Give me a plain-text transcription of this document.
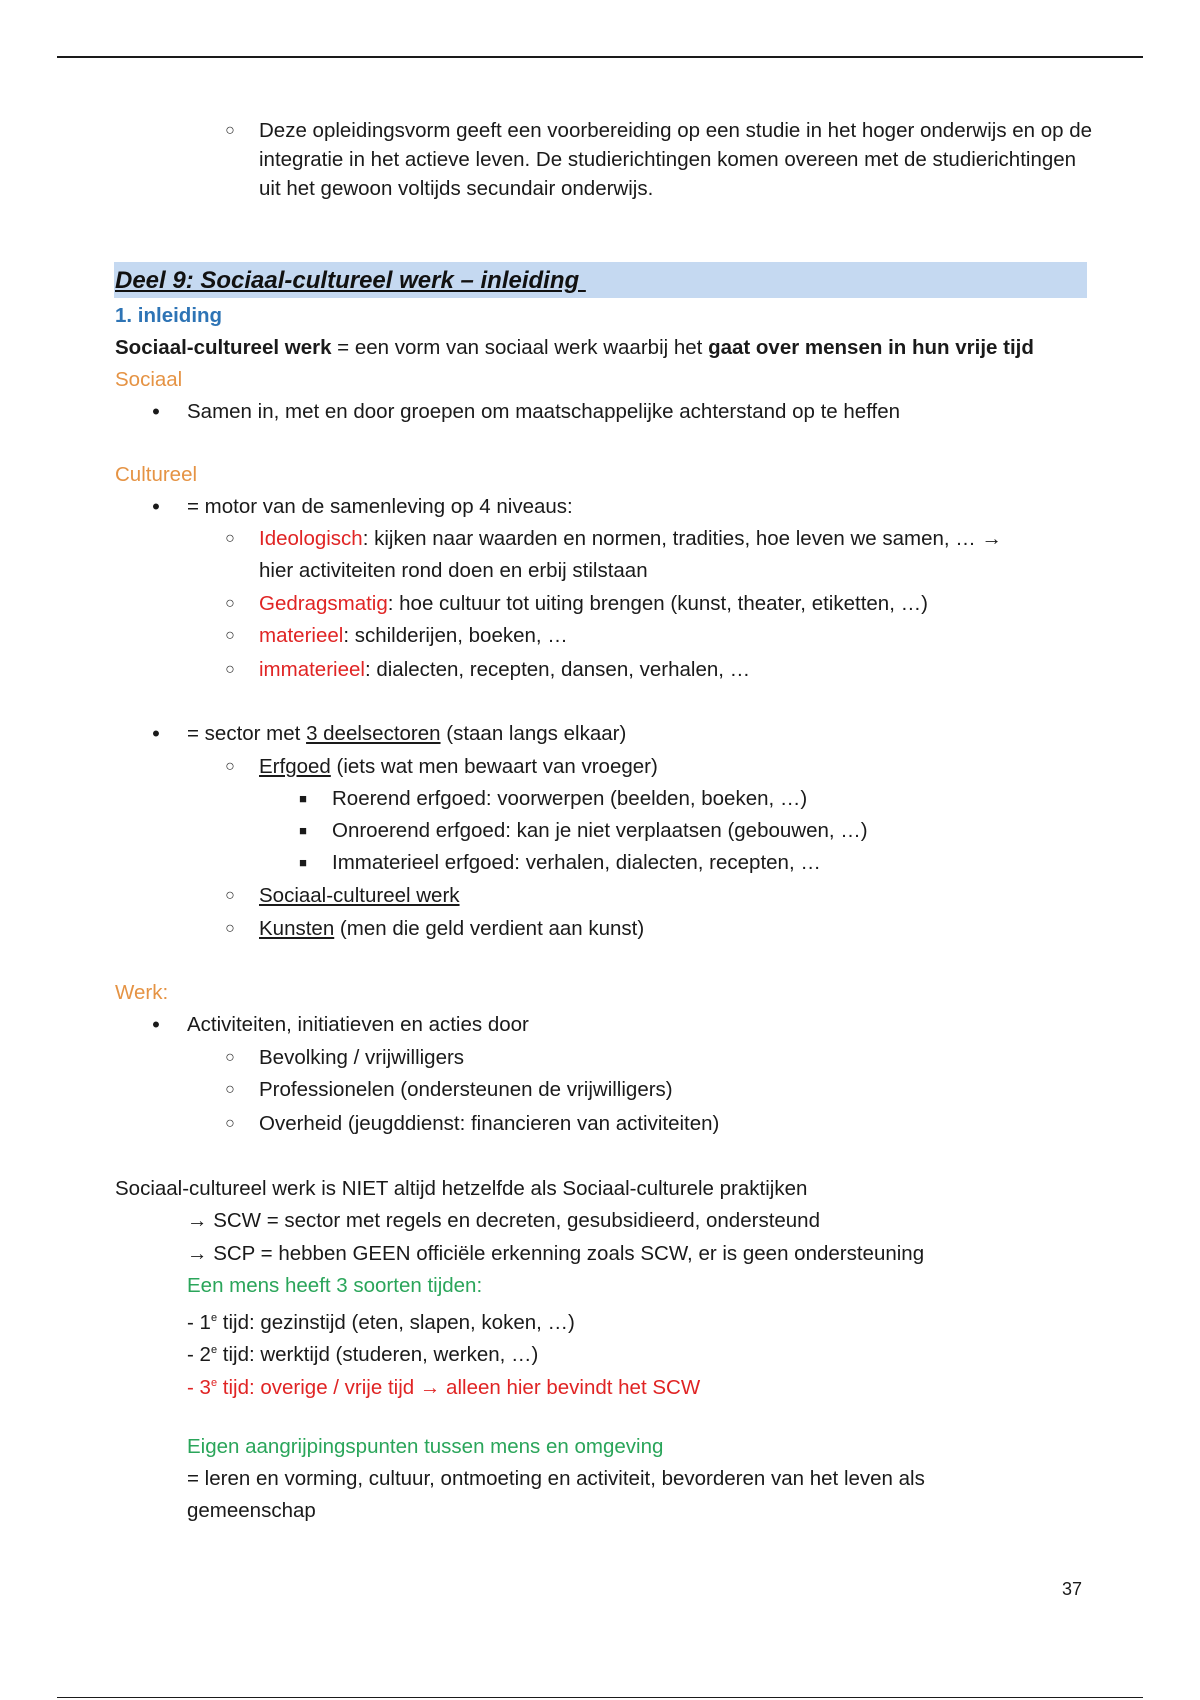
○ Deze opleidingsvorm geeft een voorbereiding op een studie in het hoger onderwijs en op de integratie in het actieve leven. De studierichtingen komen overeen met de studierichtingen uit het gewoon voltijds secundair onderwijs.
Deel 9: Sociaal-cultureel werk – inleiding
1. inleiding
Sociaal-cultureel werk = een vorm van sociaal werk waarbij het gaat over mensen in hun vrije tijd
Sociaal
•	Samen in, met en door groepen om maatschappelijke achterstand op te heffen
Cultureel
•	= motor van de samenleving op 4 niveaus:
○ Ideologisch: kijken naar waarden en normen, tradities, hoe leven we samen, … →
hier activiteiten rond doen en erbij stilstaan
○ Gedragsmatig: hoe cultuur tot uiting brengen (kunst, theater, etiketten, …)
○ materieel: schilderijen, boeken, …
○ immaterieel: dialecten, recepten, dansen, verhalen, …
•	= sector met 3 deelsectoren (staan langs elkaar)
○ Erfgoed (iets wat men bewaart van vroeger)
■ Roerend erfgoed: voorwerpen (beelden, boeken, …)
■ Onroerend erfgoed: kan je niet verplaatsen (gebouwen, …)
■ Immaterieel erfgoed: verhalen, dialecten, recepten, …
○ Sociaal-cultureel werk
○ Kunsten (men die geld verdient aan kunst)
Werk:
•	Activiteiten, initiatieven en acties door
○ Bevolking / vrijwilligers
○ Professionelen (ondersteunen de vrijwilligers)
○ Overheid (jeugddienst: financieren van activiteiten)
Sociaal-cultureel werk is NIET altijd hetzelfde als Sociaal-culturele praktijken
→ SCW = sector met regels en decreten, gesubsidieerd, ondersteund
→ SCP = hebben GEEN officiële erkenning zoals SCW, er is geen ondersteuning
Een mens heeft 3 soorten tijden:
- 1e tijd: gezinstijd (eten, slapen, koken, …)
- 2e tijd: werktijd (studeren, werken, …)
- 3e tijd: overige / vrije tijd → alleen hier bevindt het SCW
Eigen aangrijpingspunten tussen mens en omgeving
= leren en vorming, cultuur, ontmoeting en activiteit, bevorderen van het leven als gemeenschap
37
